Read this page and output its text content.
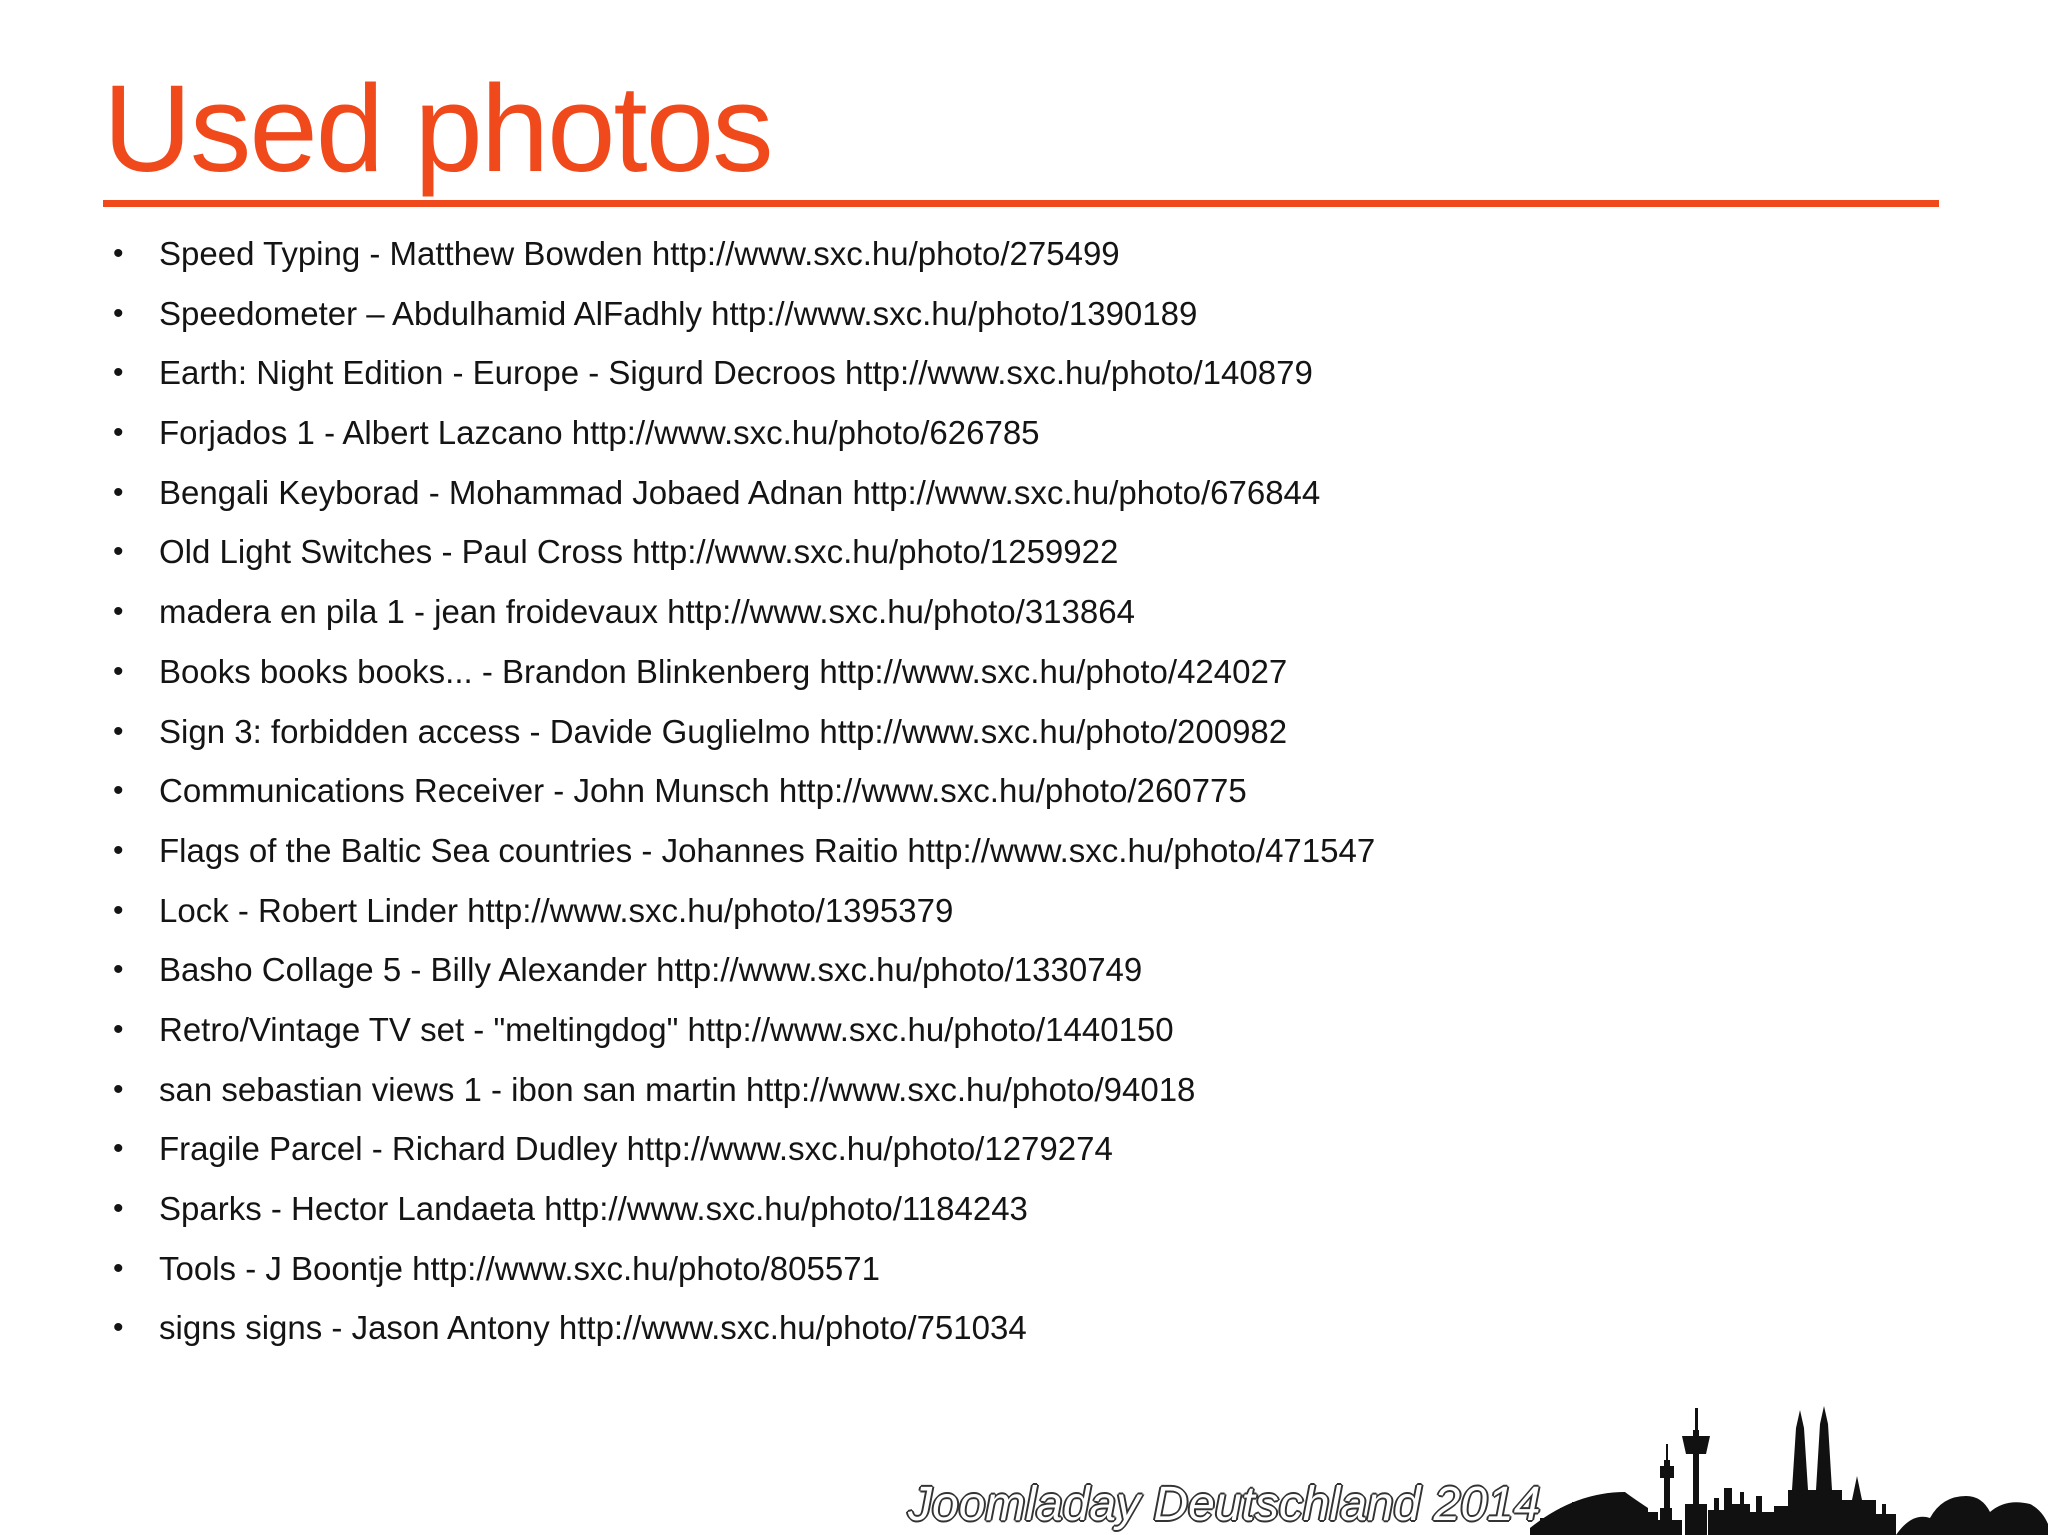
Used photos
• Speed Typing - Matthew Bowden http://www.sxc.hu/photo/275499
• Speedometer – Abdulhamid AlFadhly http://www.sxc.hu/photo/1390189
• Earth: Night Edition - Europe - Sigurd Decroos http://www.sxc.hu/photo/140879
• Forjados 1 - Albert Lazcano http://www.sxc.hu/photo/626785
• Bengali Keyborad - Mohammad Jobaed Adnan http://www.sxc.hu/photo/676844
• Old Light Switches - Paul Cross http://www.sxc.hu/photo/1259922
• madera en pila 1 - jean froidevaux http://www.sxc.hu/photo/313864
• Books books books... - Brandon Blinkenberg http://www.sxc.hu/photo/424027
• Sign 3: forbidden access - Davide Guglielmo http://www.sxc.hu/photo/200982
• Communications Receiver - John Munsch http://www.sxc.hu/photo/260775
• Flags of the Baltic Sea countries - Johannes Raitio http://www.sxc.hu/photo/471547
• Lock - Robert Linder http://www.sxc.hu/photo/1395379
• Basho Collage 5 - Billy Alexander http://www.sxc.hu/photo/1330749
• Retro/Vintage TV set - "meltingdog" http://www.sxc.hu/photo/1440150
• san sebastian views 1 - ibon san martin http://www.sxc.hu/photo/94018
• Fragile Parcel - Richard Dudley http://www.sxc.hu/photo/1279274
• Sparks - Hector Landaeta http://www.sxc.hu/photo/1184243
• Tools - J Boontje http://www.sxc.hu/photo/805571
• signs signs - Jason Antony http://www.sxc.hu/photo/751034
Joomladay Deutschland 2014
